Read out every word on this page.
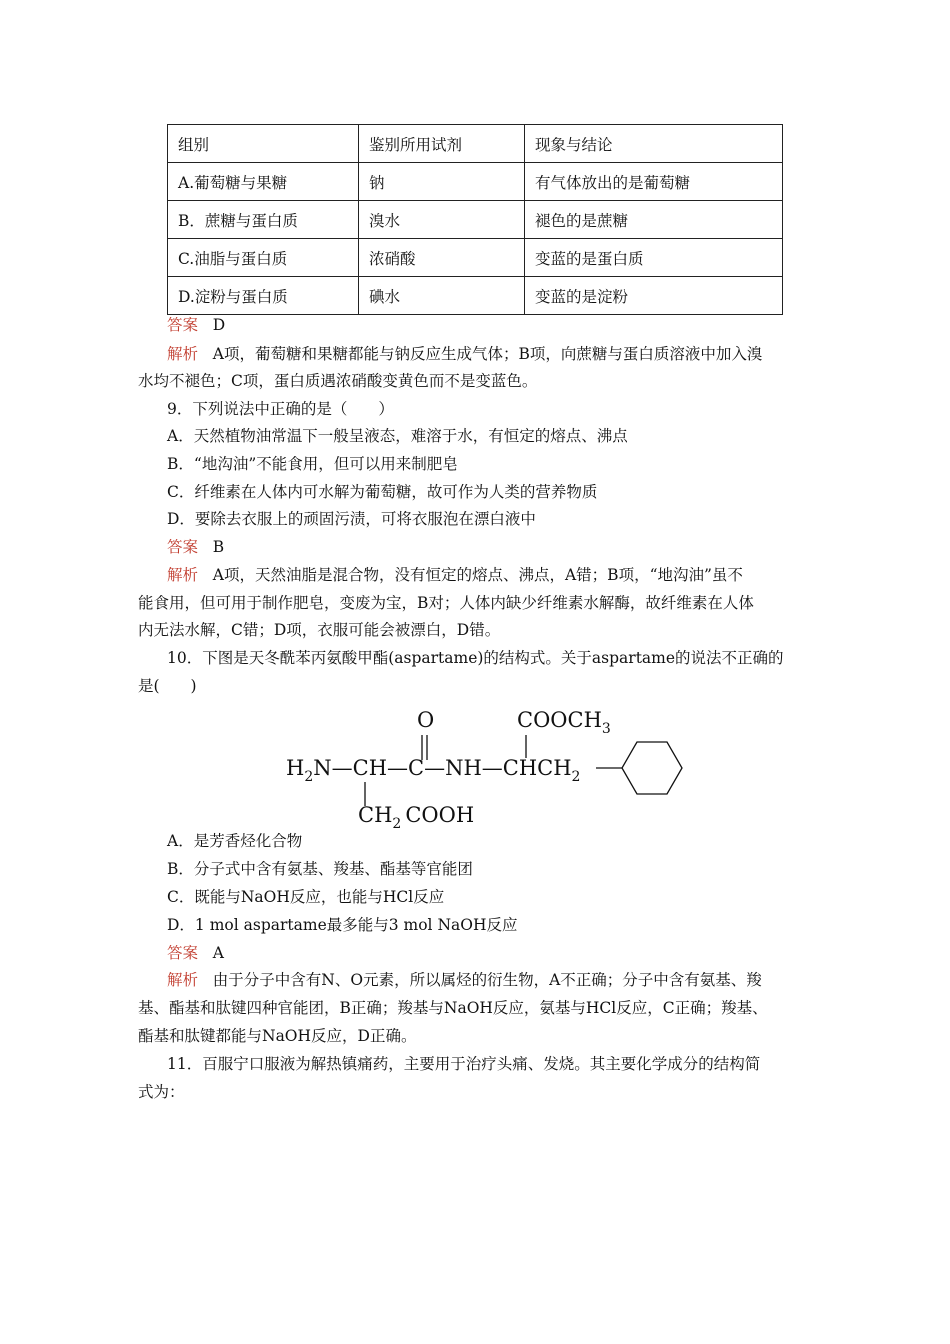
组别	鉴别所用试剂	现象与结论
A.葡萄糖与果糖	钠	有气体放出的是葡萄糖
B．蔗糖与蛋白质	溴水	褪色的是蔗糖
C.油脂与蛋白质	浓硝酸	变蓝的是蛋白质
D.淀粉与蛋白质	碘水	变蓝的是淀粉
答案 D
解析 A项，葡萄糖和果糖都能与钠反应生成气体；B项，向蔗糖与蛋白质溶液中加入溴
水均不褪色；C项，蛋白质遇浓硝酸变黄色而不是变蓝色。
9．下列说法中正确的是（　　）
A．天然植物油常温下一般呈液态，难溶于水，有恒定的熔点、沸点
B．“地沟油”不能食用，但可以用来制肥皂
C．纤维素在人体内可水解为葡萄糖，故可作为人类的营养物质
D．要除去衣服上的顽固污渍，可将衣服泡在漂白液中
答案 B
解析 A项，天然油脂是混合物，没有恒定的熔点、沸点，A错；B项，“地沟油”虽不
能食用，但可用于制作肥皂，变废为宝，B对；人体内缺少纤维素水解酶，故纤维素在人体
内无法水解，C错；D项，衣服可能会被漂白，D错。
10．下图是天冬酰苯丙氨酸甲酯(aspartame)的结构式。关于aspartame的说法不正确的
是(　　)
O	$COOCH_3$
$H_2N—CH—C—NH—CHCH_2$
$CH_2$ COOH
A．是芳香烃化合物
B．分子式中含有氨基、羧基、酯基等官能团
C．既能与NaOH反应，也能与HCl反应
D．1 mol aspartame最多能与3 mol NaOH反应
答案 A
解析 由于分子中含有N、O元素，所以属烃的衍生物，A不正确；分子中含有氨基、羧
基、酯基和肽键四种官能团，B正确；羧基与NaOH反应，氨基与HCl反应，C正确；羧基、
酯基和肽键都能与NaOH反应，D正确。
11．百服宁口服液为解热镇痛药，主要用于治疗头痛、发烧。其主要化学成分的结构简
式为：
